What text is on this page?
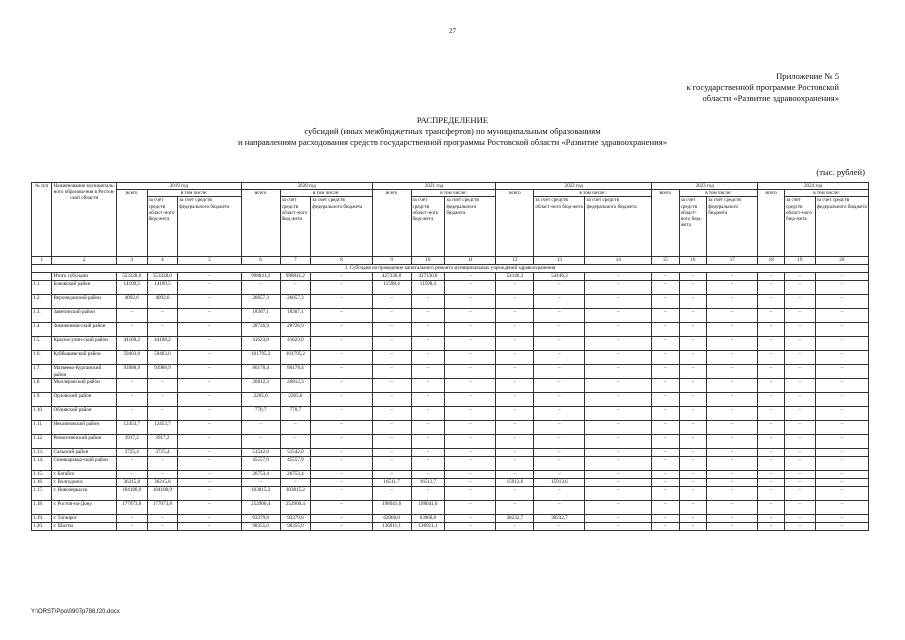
27
Приложение № 5
к государственной программе Ростовской
области «Развитие здравоохранения»
РАСПРЕДЕЛЕНИЕ
субсидий (иных межбюджетных трансфертов) по муниципальным образованиям
и направлениям расходования средств государственной программы Ростовской области «Развитие здравоохранения»
(тыс. рублей)
№ п/п	Наименование муниципаль-ного образова-ния в Ростов-ской области	2019 год			2020 год			2021 год			2022 год			2023 год			2024 год		
		всего	в том числе:		всего	в том числе:		всего	в том числе:		всего	в том числе:		всего	в том числе:		всего	в том числе:	
			за счет средств област-ного бюд-жета	за счет средств федерального бюджета		за счет средств област-ного бюд-жета	за счет средств федерального бюджета		за счет средств област-ного бюд-жета	за счет средств федерального бюджета		за счет средств област-ного бюд-жета	за счет средств федерального бюджета		за счет средств област-ного бюд-жета	за счет средств федерального бюджета		за счет средств област-ного бюд-жета	за счет средств федерального бюджета
1	2	3	4	5	6	7	8	9	10	11	12	13	14	15	16	17	18	19	20
1. Субсидия на проведение капитального ремонта муниципальных учреждений здравоохранения																			
	Итого субсидии	553328,0	553328,0	–	998841,2	998841,2	–	427330,8	427330,8	–	54146,3	54146,3	–	–	–	–	–	–	–
1.1.	Боковский район	14109,5	14109,5	–	–	–	–	11598,4	11598,4	–	–	–	–	–	–	–	–	–	–
1.2.	Верхнедонской район	4092,6	4092,6	–	26057,3	26057,3	–	–	–	–	–	–	–	–	–	–	–	–	–
1.3.	Заветинский район	–	–	–	18307,1	18307,1	–	–	–	–	–	–	–	–	–	–	–	–	–
1.4.	Зимовников-ский район	–	–	–	28726,9	28726,9	–	–	–	–	–	–	–	–	–	–	–	–	–
1.5.	Красносулин-ский район	44168,2	44168,2	–	41623,0	41623,0	–	–	–	–	–	–	–	–	–	–	–	–	–
1.6.	Куйбышевский район	59403,0	59403,0	–	101795,2	101795,2	–	–	–	–	–	–	–	–	–	–	–	–	–
1.7.	Матвеево-Курганский район	93988,9	93988,9	–	80178,4	80178,4	–	–	–	–	–	–	–	–	–	–	–	–	–
1.8.	Миллеровский район	–	–	–	26812,3	26812,3	–	–	–	–	–	–	–	–	–	–	–	–	–
1.9.	Орловский район	–	–	–	2265,6	2265,6	–	–	–	–	–	–	–	–	–	–	–	–	–
1.10.	Обливский район	–	–	–	770,7	770,7	–	–	–	–	–	–	–	–	–	–	–	–	–
1.11.	Неклиновский район	12453,7	12453,7	–	–	–	–	–	–	–	–	–	–	–	–	–	–	–	–
1.12.	Ремонтненский район	3917,2	3917,2	–	–	–	–	–	–	–	–	–	–	–	–	–	–	–	–
1.13.	Сальский район	3725,4	3725,4	–	51542,0	51542,0	–	–	–	–	–	–	–	–	–	–	–	–	–
1.14.	Семикаракор-ский район	–	–	–	45557,9	45557,9	–	–	–	–	–	–	–	–	–	–	–	–	–
1.15.	г. Батайск	–	–	–	26753,4	26753,4	–	–	–	–	–	–	–	–	–	–	–	–	–
1.16.	г. Волгодонск	36215,8	36215,8	–	–	–	–	16511,7	16511,7	–	15913,6	15913,6	–	–	–	–	–	–	–
1.17.	г. Новочеркасск	104180,9	104180,9	–	103815,2	103815,2	–	–	–	–	–	–	–	–	–	–	–	–	–
1.18.	г. Ростов-на-Дону	177073,8	177073,8	–	252900,4	252900,4	–	198041,6	198041,6	–	–	–	–	–	–	–	–	–	–
1.19.	г. Таганрог	–	–	–	93379,8	93379,8	–	63968,0	63968,0	–	38232,7	38232,7	–	–	–	–	–	–	–
1.20.	г. Шахты	–	–	–	98355,0	98355,0	–	136911,1	136911,1	–	–	–	–	–	–	–	–	–	–
Y:\ORST\Ppo\0907p788.f20.docx
